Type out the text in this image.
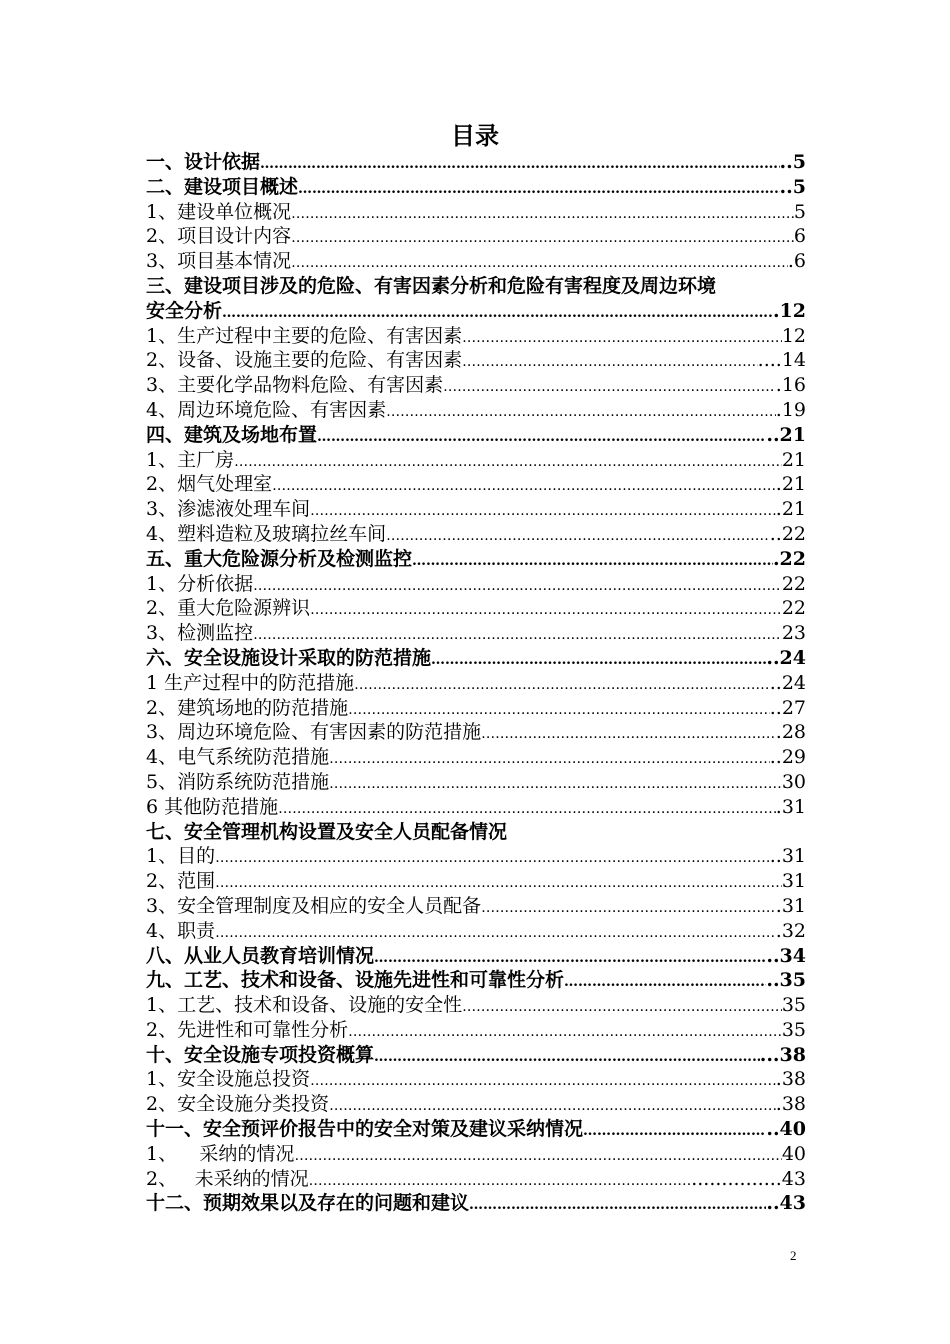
目录
一、设计依据 ……………………………………………………………………………………………………………………………………………	..5
二、建设项目概述 ……………………………………………………………………………………………………………………………………………	..5
1、建设单位概况 ……………………………………………………………………………………………………………………………………………	5
2、项目设计内容 ……………………………………………………………………………………………………………………………………………	6
3、项目基本情况 ……………………………………………………………………………………………………………………………………………	.6
三、建设项目涉及的危险、有害因素分析和危险有害程度及周边环境
安全分析 ……………………………………………………………………………………………………………………………………………	.12
1、生产过程中主要的危险、有害因素 ……………………………………………………………………………………………………………………………………………	12
2、设备、设施主要的危险、有害因素 ……………………………………………………………………………………………………………………………………………	....14
3、主要化学品物料危险、有害因素 ……………………………………………………………………………………………………………………………………………	.16
4、周边环境危险、有害因素 ……………………………………………………………………………………………………………………………………………	.19
四、建筑及场地布置 ……………………………………………………………………………………………………………………………………………	..21
1、主厂房 ……………………………………………………………………………………………………………………………………………	21
2、烟气处理室 ……………………………………………………………………………………………………………………………………………	.21
3、渗滤液处理车间 ……………………………………………………………………………………………………………………………………………	.21
4、塑料造粒及玻璃拉丝车间 ……………………………………………………………………………………………………………………………………………	..22
五、重大危险源分析及检测监控 ……………………………………………………………………………………………………………………………………………	.22
1、分析依据 ……………………………………………………………………………………………………………………………………………	22
2、重大危险源辨识 ……………………………………………………………………………………………………………………………………………	22
3、检测监控 ……………………………………………………………………………………………………………………………………………	23
六、安全设施设计采取的防范措施 ……………………………………………………………………………………………………………………………………………	..24
1 生产过程中的防范措施 ……………………………………………………………………………………………………………………………………………	..24
2、建筑场地的防范措施 ……………………………………………………………………………………………………………………………………………	..27
3、周边环境危险、有害因素的防范措施 ……………………………………………………………………………………………………………………………………………	.28
4、电气系统防范措施 ……………………………………………………………………………………………………………………………………………	..29
5、消防系统防范措施 ……………………………………………………………………………………………………………………………………………	30
6 其他防范措施 ……………………………………………………………………………………………………………………………………………	.31
七、安全管理机构设置及安全人员配备情况
1、目的 ……………………………………………………………………………………………………………………………………………	..31
2、范围 ……………………………………………………………………………………………………………………………………………	31
3、安全管理制度及相应的安全人员配备 ……………………………………………………………………………………………………………………………………………	.31
4、职责 ……………………………………………………………………………………………………………………………………………	.32
八、从业人员教育培训情况 ……………………………………………………………………………………………………………………………………………	..34
九、工艺、技术和设备、设施先进性和可靠性分析 ……………………………………………………………………………………………………………………………………………	..35
1、工艺、技术和设备、设施的安全性 ……………………………………………………………………………………………………………………………………………	35
2、先进性和可靠性分析 ……………………………………………………………………………………………………………………………………………	35
十、安全设施专项投资概算 ……………………………………………………………………………………………………………………………………………	...38
1、安全设施总投资 ……………………………………………………………………………………………………………………………………………	.38
2、安全设施分类投资 ……………………………………………………………………………………………………………………………………………	.38
十一、安全预评价报告中的安全对策及建议采纳情况 ……………………………………………………………………………………………………………………………………………	..40
1、 采纳的情况 ……………………………………………………………………………………………………………………………………………	40
2、 未采纳的情况 ……………………………………………………………………………………………………………………………………………	...............43
十二、预期效果以及存在的问题和建议 ……………………………………………………………………………………………………………………………………………	..43
2
